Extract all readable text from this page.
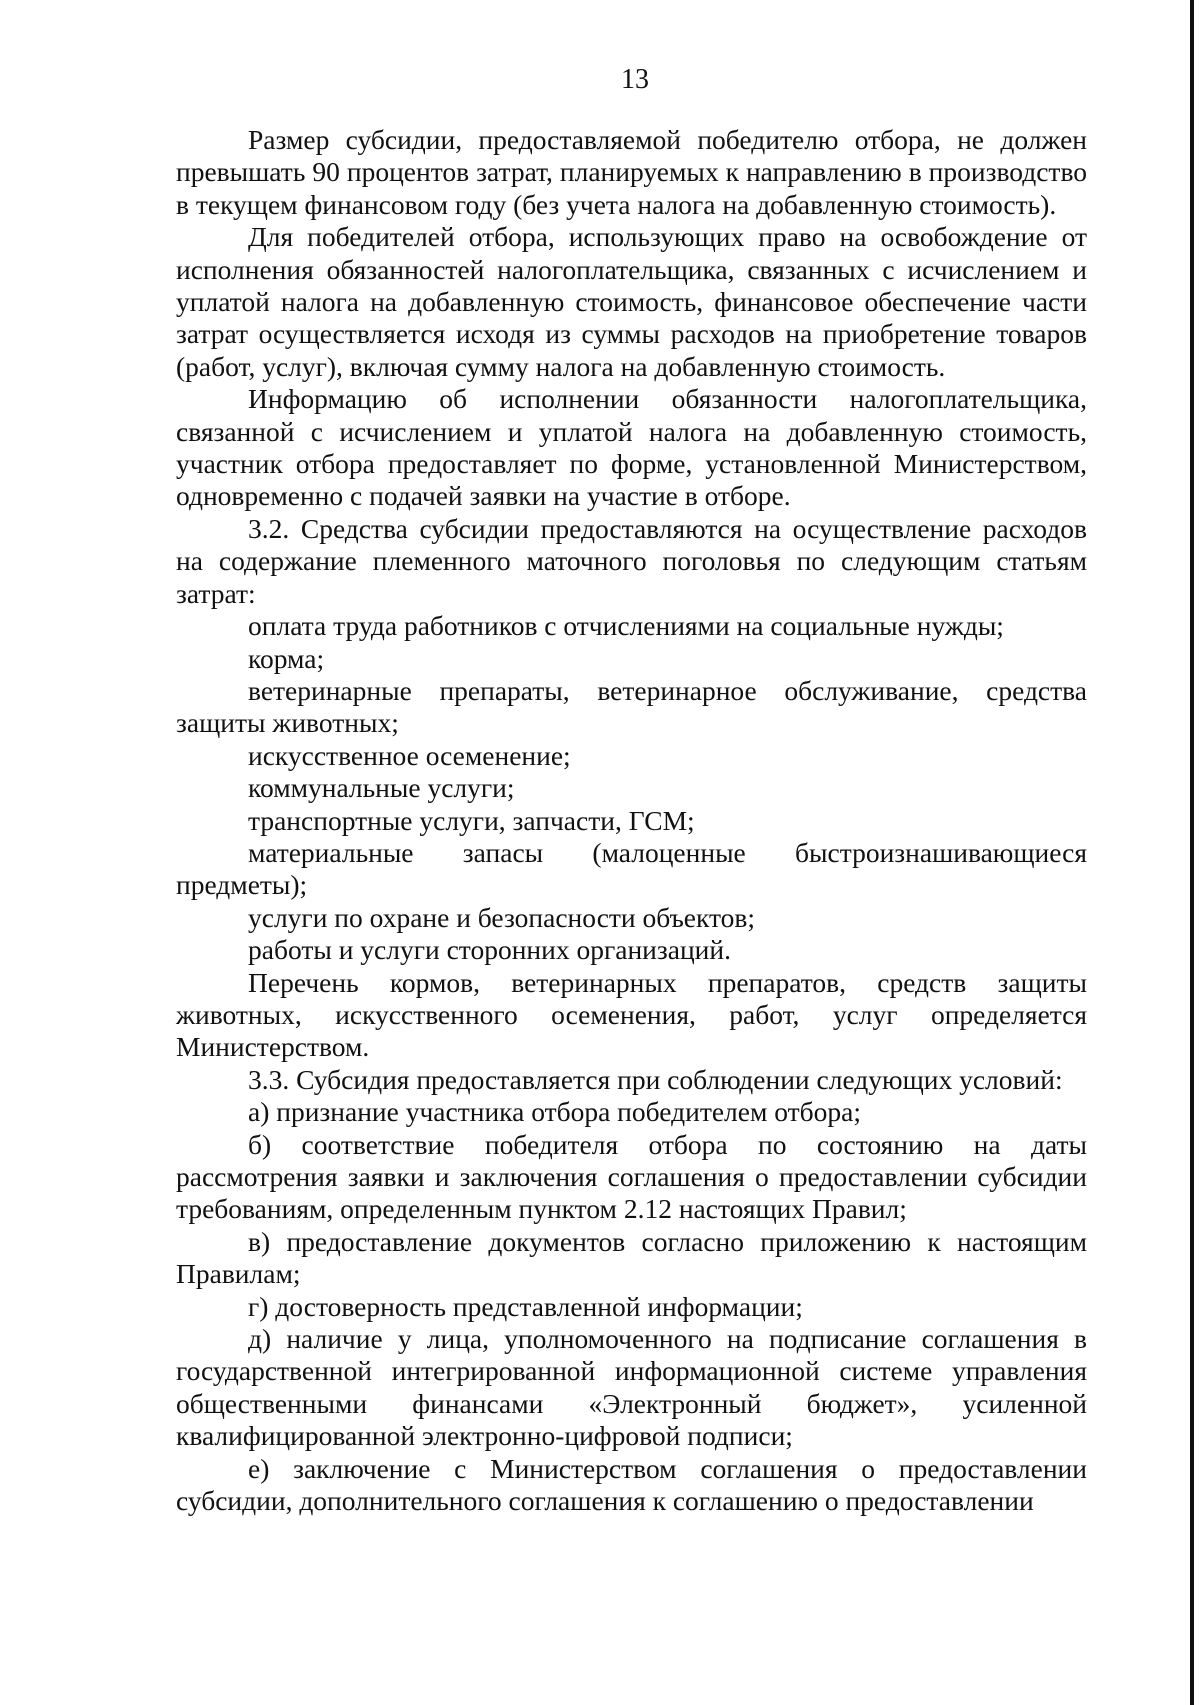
13

Размер субсидии, предоставляемой победителю отбора, не должен превышать 90 процентов затрат, планируемых к направлению в производство в текущем финансовом году (без учета налога на добавленную стоимость).

Для победителей отбора, использующих право на освобождение от исполнения обязанностей налогоплательщика, связанных с исчислением и уплатой налога на добавленную стоимость, финансовое обеспечение части затрат осуществляется исходя из суммы расходов на приобретение товаров (работ, услуг), включая сумму налога на добавленную стоимость.

Информацию об исполнении обязанности налогоплательщика, связанной с исчислением и уплатой налога на добавленную стоимость, участник отбора предоставляет по форме, установленной Министерством, одновременно с подачей заявки на участие в отборе.

3.2. Средства субсидии предоставляются на осуществление расходов на содержание племенного маточного поголовья по следующим статьям затрат:

оплата труда работников с отчислениями на социальные нужды;

корма;

ветеринарные препараты, ветеринарное обслуживание, средства защиты животных;

искусственное осеменение;

коммунальные услуги;

транспортные услуги, запчасти, ГСМ;

материальные запасы (малоценные быстроизнашивающиеся предметы);

услуги по охране и безопасности объектов;

работы и услуги сторонних организаций.

Перечень кормов, ветеринарных препаратов, средств защиты животных, искусственного осеменения, работ, услуг определяется Министерством.

3.3. Субсидия предоставляется при соблюдении следующих условий:

а) признание участника отбора победителем отбора;

б) соответствие победителя отбора по состоянию на даты рассмотрения заявки и заключения соглашения о предоставлении субсидии требованиям, определенным пунктом 2.12 настоящих Правил;

в) предоставление документов согласно приложению к настоящим Правилам;

г) достоверность представленной информации;

д) наличие у лица, уполномоченного на подписание соглашения в государственной интегрированной информационной системе управления общественными финансами «Электронный бюджет», усиленной квалифицированной электронно-цифровой подписи;

е) заключение с Министерством соглашения о предоставлении субсидии, дополнительного соглашения к соглашению о предоставлении
